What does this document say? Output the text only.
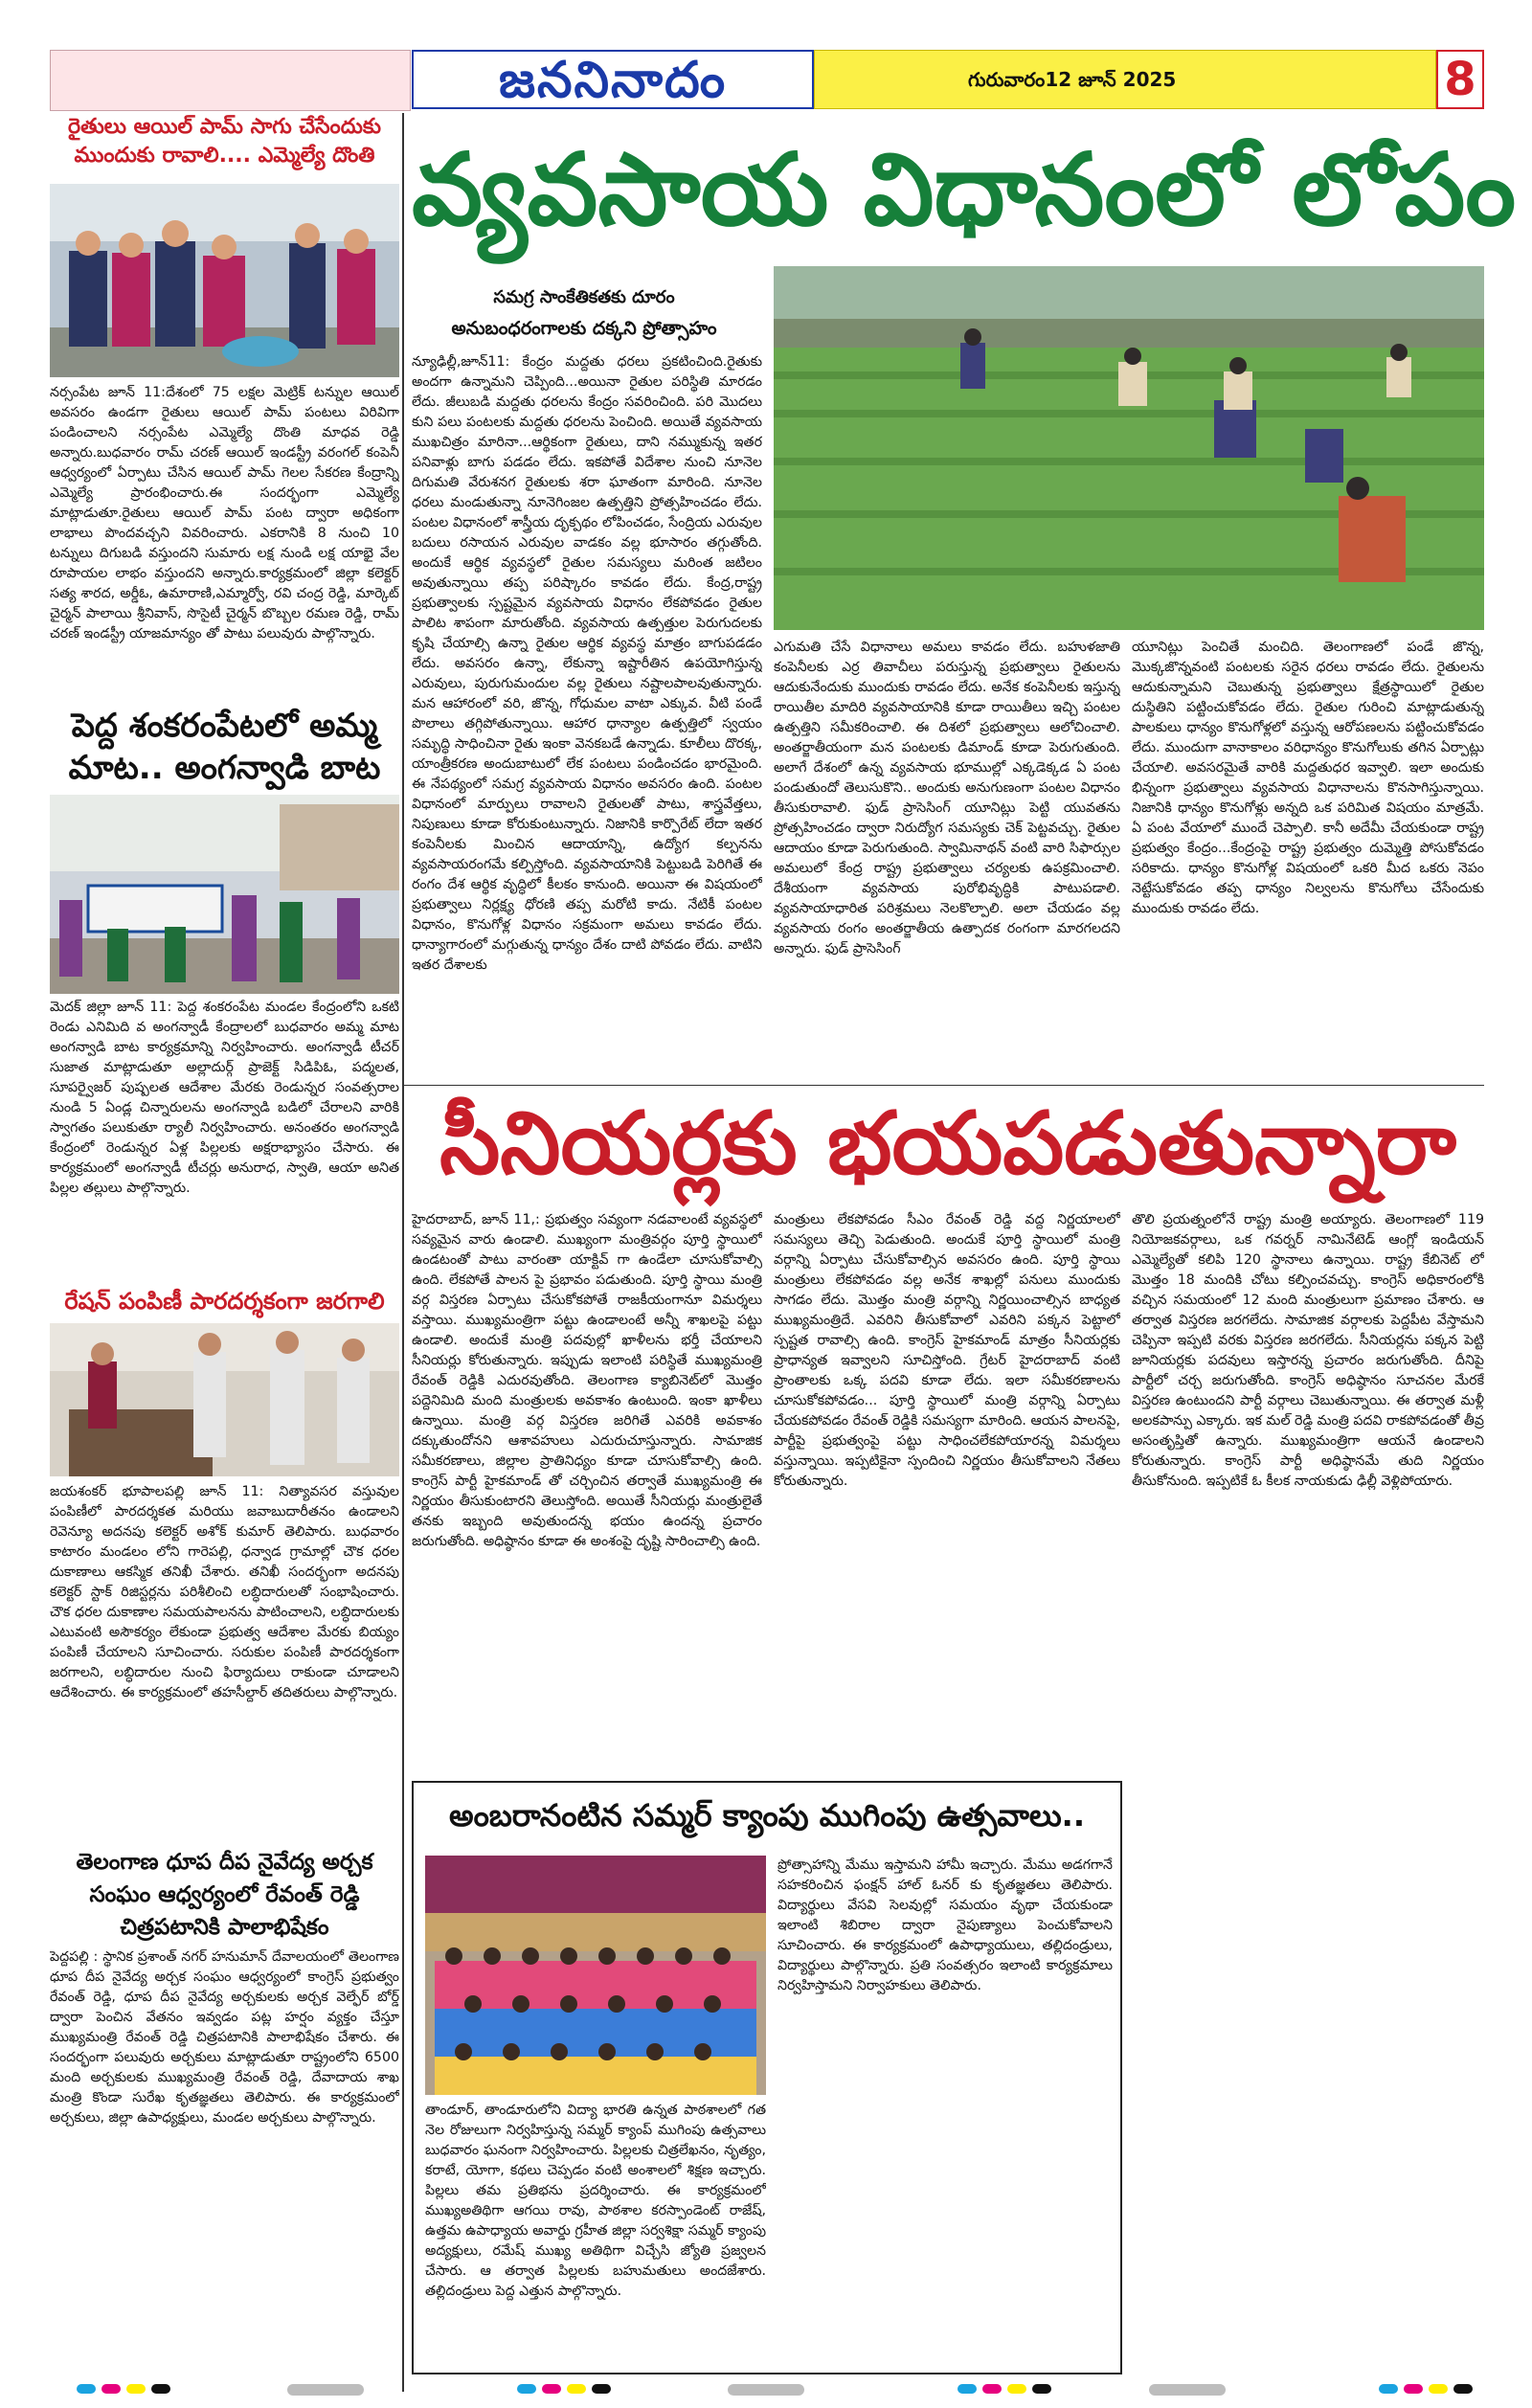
జననినాదం	గురువారం12 జూన్ 2025	8
రైతులు ఆయిల్ పామ్ సాగు చేసేందుకు ముందుకు రావాలి.... ఎమ్మెల్యే దొంతి
నర్సంపేట జూన్ 11:దేశంలో 75 లక్షల మెట్రిక్ టన్నుల ఆయిల్ అవసరం ఉండగా రైతులు ఆయిల్ పామ్ పంటలు విరివిగా పండించాలని నర్సంపేట ఎమ్మెల్యే దొంతి మాధవ రెడ్డి అన్నారు.బుధవారం రామ్ చరణ్ ఆయిల్ ఇండస్ట్రీ వరంగల్ కంపెనీ ఆధ్వర్యంలో ఏర్పాటు చేసిన ఆయిల్ పామ్ గెలల సేకరణ కేంద్రాన్ని ఎమ్మెల్యే ప్రారంభించారు.ఈ సందర్భంగా ఎమ్మెల్యే మాట్లాడుతూ.రైతులు ఆయిల్ పామ్ పంట ద్వారా అధికంగా లాభాలు పొందవచ్చని వివరించారు. ఎకరానికి 8 నుంచి 10 టన్నులు దిగుబడి వస్తుందని సుమారు లక్ష నుండి లక్ష యాభై వేల రూపాయల లాభం వస్తుందని అన్నారు.కార్యక్రమంలో జిల్లా కలెక్టర్ సత్య శారద, అర్డీఓ, ఉమారాణి,ఎమ్మార్వో, రవి చంద్ర రెడ్డి, మార్కెట్ చైర్మన్ పాలాయి శ్రీనివాస్, సొసైటీ చైర్మన్ బొబ్బల రమణ రెడ్డి, రామ్ చరణ్ ఇండస్ట్రీ యాజమాన్యం తో పాటు పలువురు పాల్గొన్నారు.
పెద్ద శంకరంపేటలో అమ్మ మాట.. అంగన్వాడి బాట
మెదక్ జిల్లా జూన్ 11: పెద్ద శంకరంపేట మండల కేంద్రంలోని ఒకటి రెండు ఎనిమిది వ అంగన్వాడీ కేంద్రాలలో బుధవారం అమ్మ మాట అంగన్వాడి బాట కార్యక్రమాన్ని నిర్వహించారు. అంగన్వాడీ టీచర్ సుజాత మాట్లాడుతూ అల్లాదుర్గ్ ప్రాజెక్ట్ సిడిపిఓ, పద్మలత, సూపర్వైజర్ పుష్పలత ఆదేశాల మేరకు రెండున్నర సంవత్సరాల నుండి 5 ఏండ్ల చిన్నారులను అంగన్వాడి బడిలో చేరాలని వారికి స్వాగతం పలుకుతూ ర్యాలీ నిర్వహించారు. అనంతరం అంగన్వాడి కేంద్రంలో రెండున్నర ఏళ్ల పిల్లలకు అక్షరాభ్యాసం చేసారు. ఈ కార్యక్రమంలో అంగన్వాడీ టీచర్లు అనురాధ, స్వాతి, ఆయా అనిత పిల్లల తల్లులు పాల్గొన్నారు.
రేషన్ పంపిణీ పారదర్శకంగా జరగాలి
జయశంకర్ భూపాలపల్లి జూన్ 11: నిత్యావసర వస్తువుల పంపిణీలో పారదర్శకత మరియు జవాబుదారీతనం ఉండాలని రెవెన్యూ అదనపు కలెక్టర్ అశోక్ కుమార్ తెలిపారు. బుధవారం కాటారం మండలం లోని గారెపల్లి, ధన్వాడ గ్రామాల్లో చౌక ధరల దుకాణాలు ఆకస్మిక తనిఖీ చేశారు. తనిఖీ సందర్భంగా అదనపు కలెక్టర్ స్టాక్ రిజిస్టర్లను పరిశీలించి లబ్ధిదారులతో సంభాషించారు. చౌక ధరల దుకాణాల సమయపాలనను పాటించాలని, లబ్ధిదారులకు ఎటువంటి అసౌకర్యం లేకుండా ప్రభుత్వ ఆదేశాల మేరకు బియ్యం పంపిణీ చేయాలని సూచించారు. సరుకుల పంపిణీ పారదర్శకంగా జరగాలని, లబ్ధిదారుల నుంచి ఫిర్యాదులు రాకుండా చూడాలని ఆదేశించారు. ఈ కార్యక్రమంలో తహసీల్దార్ తదితరులు పాల్గొన్నారు.
తెలంగాణ ధూప దీప నైవేద్య అర్చక సంఘం ఆధ్వర్యంలో రేవంత్ రెడ్డి చిత్రపటానికి పాలాభిషేకం
పెద్దపల్లి : స్థానిక ప్రశాంత్ నగర్ హనుమాన్ దేవాలయంలో తెలంగాణ ధూప దీప నైవేద్య అర్చక సంఘం ఆధ్వర్యంలో కాంగ్రెస్ ప్రభుత్వం రేవంత్ రెడ్డి, ధూప దీప నైవేద్య అర్చకులకు అర్చక వెల్ఫేర్ బోర్డ్ ద్వారా పెంచిన వేతనం ఇవ్వడం పట్ల హర్షం వ్యక్తం చేస్తూ ముఖ్యమంత్రి రేవంత్ రెడ్డి చిత్రపటానికి పాలాభిషేకం చేశారు. ఈ సందర్భంగా పలువురు అర్చకులు మాట్లాడుతూ రాష్ట్రంలోని 6500 మంది అర్చకులకు ముఖ్యమంత్రి రేవంత్ రెడ్డి, దేవాదాయ శాఖ మంత్రి కొండా సురేఖ కృతజ్ఞతలు తెలిపారు. ఈ కార్యక్రమంలో అర్చకులు, జిల్లా ఉపాధ్యక్షులు, మండల అర్చకులు పాల్గొన్నారు.
వ్యవసాయ విధానంలో లోపం
సమగ్ర సాంకేతికతకు దూరం
అనుబంధరంగాలకు దక్కని ప్రోత్సాహం
న్యూఢిల్లీ,జూన్11: కేంద్రం మద్దతు ధరలు ప్రకటించింది.రైతుకు అందగా ఉన్నామని చెప్పింది...అయినా రైతుల పరిస్థితి మారడం లేదు. జీలుబడి మద్దతు ధరలను కేంద్రం సవరించింది. పరి మొదలు కుని పలు పంటలకు మద్దతు ధరలను పెంచింది. అయితే వ్యవసాయ ముఖచిత్రం మారినా...ఆర్థికంగా రైతులు, దాని నమ్ముకున్న ఇతర పనివాళ్లు బాగు పడడం లేదు. ఇకపోతే విదేశాల నుంచి నూనెల దిగుమతి వేరుశనగ రైతులకు శరా ఘాతంగా మారింది. నూనెల ధరలు మండుతున్నా నూనెగింజల ఉత్పత్తిని ప్రోత్సహించడం లేదు. పంటల విధానంలో శాస్త్రీయ దృక్పథం లోపించడం, సేంద్రియ ఎరువుల బదులు రసాయన ఎరువుల వాడకం వల్ల భూసారం తగ్గుతోంది. అందుకే ఆర్థిక వ్యవస్థలో రైతుల సమస్యలు మరింత జటిలం అవుతున్నాయి తప్ప పరిష్కారం కావడం లేదు. కేంద్ర,రాష్ట్ర ప్రభుత్వాలకు స్పష్టమైన వ్యవసాయ విధానం లేకపోవడం రైతుల పాలిట శాపంగా మారుతోంది. వ్యవసాయ ఉత్పత్తుల పెరుగుదలకు కృషి చేయాల్సి ఉన్నా రైతుల ఆర్థిక వ్యవస్థ మాత్రం బాగుపడడం లేదు. అవసరం ఉన్నా, లేకున్నా ఇష్టారీతిన ఉపయోగిస్తున్న ఎరువులు, పురుగుమందుల వల్ల రైతులు నష్టాలపాలవుతున్నారు. మన ఆహారంలో వరి, జొన్న, గోధుమల వాటా ఎక్కువ. వీటి పండే పొలాలు తగ్గిపోతున్నాయి. ఆహార ధాన్యాల ఉత్పత్తిలో స్వయం సమృద్ధి సాధించినా రైతు ఇంకా వెనకబడే ఉన్నాడు. కూలీలు దొరక్క, యాంత్రీకరణ అందుబాటులో లేక పంటలు పండించడం భారమైంది. ఈ నేపథ్యంలో సమగ్ర వ్యవసాయ విధానం అవసరం ఉంది. పంటల విధానంలో మార్పులు రావాలని రైతులతో పాటు, శాస్త్రవేత్తలు, నిపుణులు కూడా కోరుకుంటున్నారు. నిజానికి కార్పొరేట్ లేదా ఇతర కంపెనీలకు మించిన ఆదాయాన్ని, ఉద్యోగ కల్పనను వ్యవసాయరంగమే కల్పిస్తోంది. వ్యవసాయానికి పెట్టుబడి పెరిగితే ఈ రంగం దేశ ఆర్థిక వృద్ధిలో కీలకం కానుంది. అయినా ఈ విషయంలో ప్రభుత్వాలు నిర్లక్ష్య ధోరణి తప్ప మరోటి కాదు. నేటికీ పంటల విధానం, కొనుగోళ్ల విధానం సక్రమంగా అమలు కావడం లేదు. ధాన్యాగారంలో మగ్గుతున్న ధాన్యం దేశం దాటి పోవడం లేదు. వాటిని ఇతర దేశాలకు
ఎగుమతి చేసే విధానాలు అమలు కావడం లేదు. బహుళజాతి కంపెనీలకు ఎర్ర తివాచీలు పరుస్తున్న ప్రభుత్వాలు రైతులను ఆదుకునేందుకు ముందుకు రావడం లేదు. అనేక కంపెనీలకు ఇస్తున్న రాయితీల మాదిరి వ్యవసాయానికి కూడా రాయితీలు ఇచ్చి పంటల ఉత్పత్తిని సమీకరించాలి. ఈ దిశలో ప్రభుత్వాలు ఆలోచించాలి. అంతర్జాతీయంగా మన పంటలకు డిమాండ్ కూడా పెరుగుతుంది. అలాగే దేశంలో ఉన్న వ్యవసాయ భూముల్లో ఎక్కడెక్కడ ఏ పంట పండుతుందో తెలుసుకొని.. అందుకు అనుగుణంగా పంటల విధానం తీసుకురావాలి. ఫుడ్ ప్రాసెసింగ్ యూనిట్లు పెట్టి యువతను ప్రోత్సహించడం ద్వారా నిరుద్యోగ సమస్యకు చెక్ పెట్టవచ్చు. రైతుల ఆదాయం కూడా పెరుగుతుంది. స్వామినాథన్ వంటి వారి సిఫార్సుల అమలులో కేంద్ర రాష్ట్ర ప్రభుత్వాలు చర్యలకు ఉపక్రమించాలి. దేశీయంగా వ్యవసాయ పురోభివృద్ధికి పాటుపడాలి. వ్యవసాయాధారిత పరిశ్రమలు నెలకొల్పాలి. అలా చేయడం వల్ల వ్యవసాయ రంగం అంతర్జాతీయ ఉత్పాదక రంగంగా మారగలదని అన్నారు. ఫుడ్ ప్రాసెసింగ్
యూనిట్లు పెంచితే మంచిది. తెలంగాణలో పండే జొన్న, మొక్కజొన్నవంటి పంటలకు సరైన ధరలు రావడం లేదు. రైతులను ఆదుకున్నామని చెబుతున్న ప్రభుత్వాలు క్షేత్రస్థాయిలో రైతుల దుస్థితిని పట్టించుకోవడం లేదు. రైతుల గురించి మాట్లాడుతున్న పాలకులు ధాన్యం కొనుగోళ్లలో వస్తున్న ఆరోపణలను పట్టించుకోవడం లేదు. ముందుగా వానాకాలం వరిధాన్యం కొనుగోలుకు తగిన ఏర్పాట్లు చేయాలి. అవసరమైతే వారికి మద్దతుధర ఇవ్వాలి. ఇలా అందుకు భిన్నంగా ప్రభుత్వాలు వ్యవసాయ విధానాలను కొనసాగిస్తున్నాయి. నిజానికి ధాన్యం కొనుగోళ్లు అన్నది ఒక పరిమిత విషయం మాత్రమే. ఏ పంట వేయాలో ముందే చెప్పాలి. కానీ అదేమీ చేయకుండా రాష్ట్ర ప్రభుత్వం కేంద్రం...కేంద్రంపై రాష్ట్ర ప్రభుత్వం దుమ్మెత్తి పోసుకోవడం సరికాదు. ధాన్యం కొనుగోళ్ల విషయంలో ఒకరి మీద ఒకరు నెపం నెట్టేసుకోవడం తప్ప ధాన్యం నిల్వలను కొనుగోలు చేసేందుకు ముందుకు రావడం లేదు.
సీనియర్లకు భయపడుతున్నారా
హైదరాబాద్, జూన్ 11,: ప్రభుత్వం సవ్యంగా నడవాలంటే వ్యవస్థలో సవ్యమైన వారు ఉండాలి. ముఖ్యంగా మంత్రివర్గం పూర్తి స్థాయిలో ఉండటంతో పాటు వారంతా యాక్టివ్ గా ఉండేలా చూసుకోవాల్సి ఉంది. లేకపోతే పాలన పై ప్రభావం పడుతుంది. పూర్తి స్థాయి మంత్రి వర్గ విస్తరణ ఏర్పాటు చేసుకోకపోతే రాజకీయంగానూ విమర్శలు వస్తాయి. ముఖ్యమంత్రిగా పట్టు ఉండాలంటే అన్నీ శాఖలపై పట్టు ఉండాలి. అందుకే మంత్రి పదవుల్లో ఖాళీలను భర్తీ చేయాలని సీనియర్లు కోరుతున్నారు. ఇప్పుడు ఇలాంటి పరిస్థితే ముఖ్యమంత్రి రేవంత్ రెడ్డికి ఎదురవుతోంది. తెలంగాణ క్యాబినెట్‌లో మొత్తం పద్దెనిమిది మంది మంత్రులకు అవకాశం ఉంటుంది. ఇంకా ఖాళీలు ఉన్నాయి. మంత్రి వర్గ విస్తరణ జరిగితే ఎవరికి అవకాశం దక్కుతుందోనని ఆశావహులు ఎదురుచూస్తున్నారు. సామాజిక సమీకరణాలు, జిల్లాల ప్రాతినిధ్యం కూడా చూసుకోవాల్సి ఉంది. కాంగ్రెస్ పార్టీ హైకమాండ్ తో చర్చించిన తర్వాతే ముఖ్యమంత్రి ఈ నిర్ణయం తీసుకుంటారని తెలుస్తోంది. అయితే సీనియర్లు మంత్రులైతే తనకు ఇబ్బంది అవుతుందన్న భయం ఉందన్న ప్రచారం జరుగుతోంది. అధిష్ఠానం కూడా ఈ అంశంపై దృష్టి సారించాల్సి ఉంది.
మంత్రులు లేకపోవడం సీఎం రేవంత్ రెడ్డి వద్ద నిర్ణయాలలో సమస్యలు తెచ్చి పెడుతుంది. అందుకే పూర్తి స్థాయిలో మంత్రి వర్గాన్ని ఏర్పాటు చేసుకోవాల్సిన అవసరం ఉంది. పూర్తి స్థాయి మంత్రులు లేకపోవడం వల్ల అనేక శాఖల్లో పనులు ముందుకు సాగడం లేదు. మొత్తం మంత్రి వర్గాన్ని నిర్ణయించాల్సిన బాధ్యత ముఖ్యమంత్రిదే. ఎవరిని తీసుకోవాలో ఎవరిని పక్కన పెట్టాలో స్పష్టత రావాల్సి ఉంది. కాంగ్రెస్ హైకమాండ్ మాత్రం సీనియర్లకు ప్రాధాన్యత ఇవ్వాలని సూచిస్తోంది. గ్రేటర్ హైదరాబాద్ వంటి ప్రాంతాలకు ఒక్క పదవి కూడా లేదు. ఇలా సమీకరణాలను చూసుకోకపోవడం... పూర్తి స్థాయిలో మంత్రి వర్గాన్ని ఏర్పాటు చేయకపోవడం రేవంత్ రెడ్డికి సమస్యగా మారింది. ఆయన పాలనపై, పార్టీపై ప్రభుత్వంపై పట్టు సాధించలేకపోయారన్న విమర్శలు వస్తున్నాయి. ఇప్పటికైనా స్పందించి నిర్ణయం తీసుకోవాలని నేతలు కోరుతున్నారు.
తొలి ప్రయత్నంలోనే రాష్ట్ర మంత్రి అయ్యారు. తెలంగాణలో 119 నియోజకవర్గాలు, ఒక గవర్నర్ నామినేటెడ్ ఆంగ్లో ఇండియన్ ఎమ్మెల్యేతో కలిపి 120 స్థానాలు ఉన్నాయి. రాష్ట్ర కేబినెట్ లో మొత్తం 18 మందికి చోటు కల్పించవచ్చు. కాంగ్రెస్ అధికారంలోకి వచ్చిన సమయంలో 12 మంది మంత్రులుగా ప్రమాణం చేశారు. ఆ తర్వాత విస్తరణ జరగలేదు. సామాజిక వర్గాలకు పెద్దపీట వేస్తామని చెప్పినా ఇప్పటి వరకు విస్తరణ జరగలేదు. సీనియర్లను పక్కన పెట్టి జూనియర్లకు పదవులు ఇస్తారన్న ప్రచారం జరుగుతోంది. దీనిపై పార్టీలో చర్చ జరుగుతోంది. కాంగ్రెస్ అధిష్ఠానం సూచనల మేరకే విస్తరణ ఉంటుందని పార్టీ వర్గాలు చెబుతున్నాయి. ఈ తర్వాత మళ్లీ అలకపాన్పు ఎక్కారు. ఇక మల్ రెడ్డి మంత్రి పదవి రాకపోవడంతో తీవ్ర అసంతృప్తితో ఉన్నారు. ముఖ్యమంత్రిగా ఆయనే ఉండాలని కోరుతున్నారు. కాంగ్రెస్ పార్టీ అధిష్ఠానమే తుది నిర్ణయం తీసుకోనుంది. ఇప్పటికే ఓ కీలక నాయకుడు ఢిల్లీ వెళ్లిపోయారు.
అంబరానంటిన సమ్మర్ క్యాంపు ముగింపు ఉత్సవాలు..
తాండూర్, తాండూరులోని విద్యా భారతి ఉన్నత పాఠశాలలో గత నెల రోజులుగా నిర్వహిస్తున్న సమ్మర్ క్యాంప్ ముగింపు ఉత్సవాలు బుధవారం ఘనంగా నిర్వహించారు. పిల్లలకు చిత్రలేఖనం, నృత్యం, కరాటే, యోగా, కథలు చెప్పడం వంటి అంశాలలో శిక్షణ ఇచ్చారు. పిల్లలు తమ ప్రతిభను ప్రదర్శించారు. ఈ కార్యక్రమంలో ముఖ్యఅతిథిగా ఆగయి రావు, పాఠశాల కరస్పాండెంట్ రాజేష్, ఉత్తమ ఉపాధ్యాయ అవార్డు గ్రహీత జిల్లా సర్వశిక్షా సమ్మర్ క్యాంపు అద్యక్షులు, రమేష్ ముఖ్య అతిథిగా విచ్చేసి జ్యోతి ప్రజ్వలన చేసారు. ఆ తర్వాత పిల్లలకు బహుమతులు అందజేశారు. తల్లిదండ్రులు పెద్ద ఎత్తున పాల్గొన్నారు.
ప్రోత్సాహాన్ని మేము ఇస్తామని హామీ ఇచ్చారు. మేము అడగగానే సహకరించిన ఫంక్షన్ హాల్ ఓనర్ కు కృతజ్ఞతలు తెలిపారు. విద్యార్థులు వేసవి సెలవుల్లో సమయం వృథా చేయకుండా ఇలాంటి శిబిరాల ద్వారా నైపుణ్యాలు పెంచుకోవాలని సూచించారు. ఈ కార్యక్రమంలో ఉపాధ్యాయులు, తల్లిదండ్రులు, విద్యార్థులు పాల్గొన్నారు. ప్రతి సంవత్సరం ఇలాంటి కార్యక్రమాలు నిర్వహిస్తామని నిర్వాహకులు తెలిపారు.
